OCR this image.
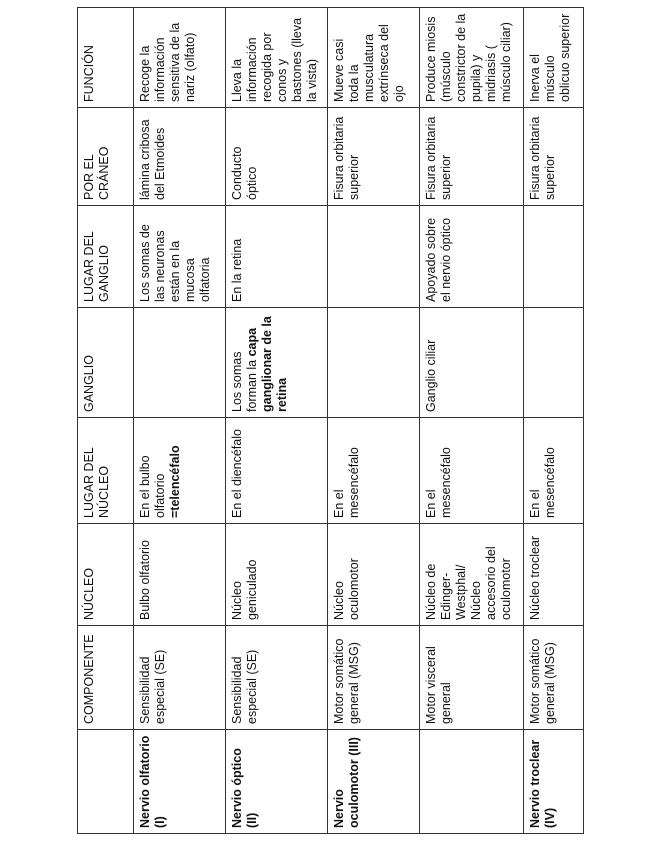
	COMPONENTE	NÚCLEO	LUGAR DEL NÚCLEO	GANGLIO	LUGAR DEL GANGLIO	POR EL CRÁNEO	FUNCIÓN
Nervio olfatorio (I)	Sensibilidad especial (SE)	Bulbo olfatorio	En el bulbo olfatorio =telencéfalo		Los somas de las neuronas están en la mucosa olfatoria	lámina cribosa del Etmoides	Recoge la información sensitiva de la nariz (olfato)
Nervio óptico (II)	Sensibilidad especial (SE)	Núcleo geniculado	En el diencéfalo	Los somas forman la capa ganglionar de la retina	En la retina	Conducto óptico	Lleva la información recogida por conos y bastones (lleva la vista)
Nervio oculomotor (III)	Motor somático general (MSG)	Núcleo oculomotor	En el mesencéfalo			Fisura orbitaria superior	Mueve casi toda la musculatura extrínseca del ojo
	Motor visceral general	Núcleo de Edinger-Westphal/ Núcleo accesorio del oculomotor	En el mesencéfalo	Ganglio ciliar	Apoyado sobre el nervio óptico	Fisura orbitaria superior	Produce miosis (músculo constrictor de la pupila) y midriasis ( músculo ciliar)
Nervio troclear (IV)	Motor somático general (MSG)	Núcleo troclear	En el mesencéfalo			Fisura orbitaria superior	Inerva el músculo oblicuo superior
